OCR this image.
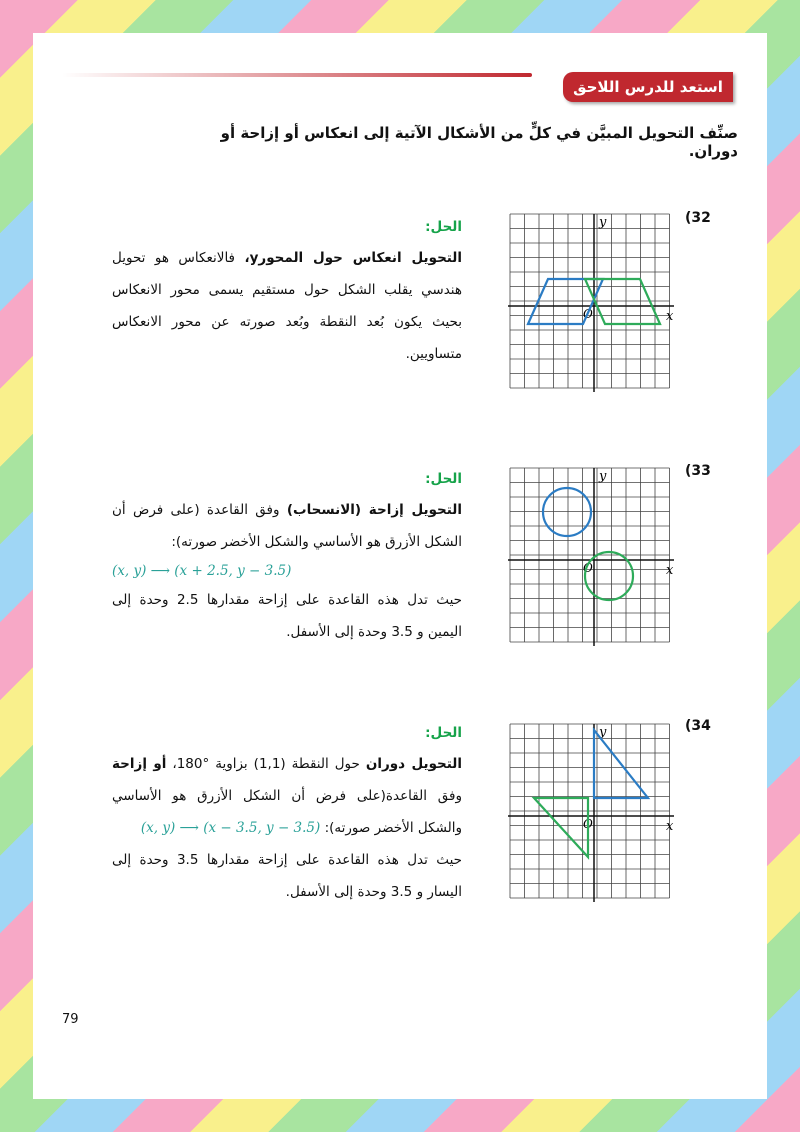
استعد للدرس اللاحق
صنِّف التحويل المبيَّن في كلٍّ من الأشكال الآتية إلى انعكاس أو إزاحة أو دوران.
(32
x
y
O
الحل:

التحويل انعكاس حول المحورy، فالانعكاس هو تحويل هندسي يقلب الشكل حول مستقيم يسمى محور الانعكاس بحيث يكون بُعد النقطة وبُعد صورته عن محور الانعكاس متساويين.

(33
x
y
O
الحل:

التحويل إزاحة (الانسحاب) وفق القاعدة (على فرض أن الشكل الأزرق هو الأساسي والشكل الأخضر صورته):

(x, y) ⟶ (x + 2.5, y − 3.5)

حيث تدل هذه القاعدة على إزاحة مقدارها 2.5 وحدة إلى اليمين و 3.5 وحدة إلى الأسفل.

(34
x
y
O
الحل:

التحويل دوران حول النقطة (1,1) بزاوية °180، أو إزاحة وفق القاعدة(على فرض أن الشكل الأزرق هو الأساسي والشكل الأخضر صورته): (x, y) ⟶ (x − 3.5, y − 3.5)

حيث تدل هذه القاعدة على إزاحة مقدارها 3.5 وحدة إلى اليسار و 3.5 وحدة إلى الأسفل.

79
